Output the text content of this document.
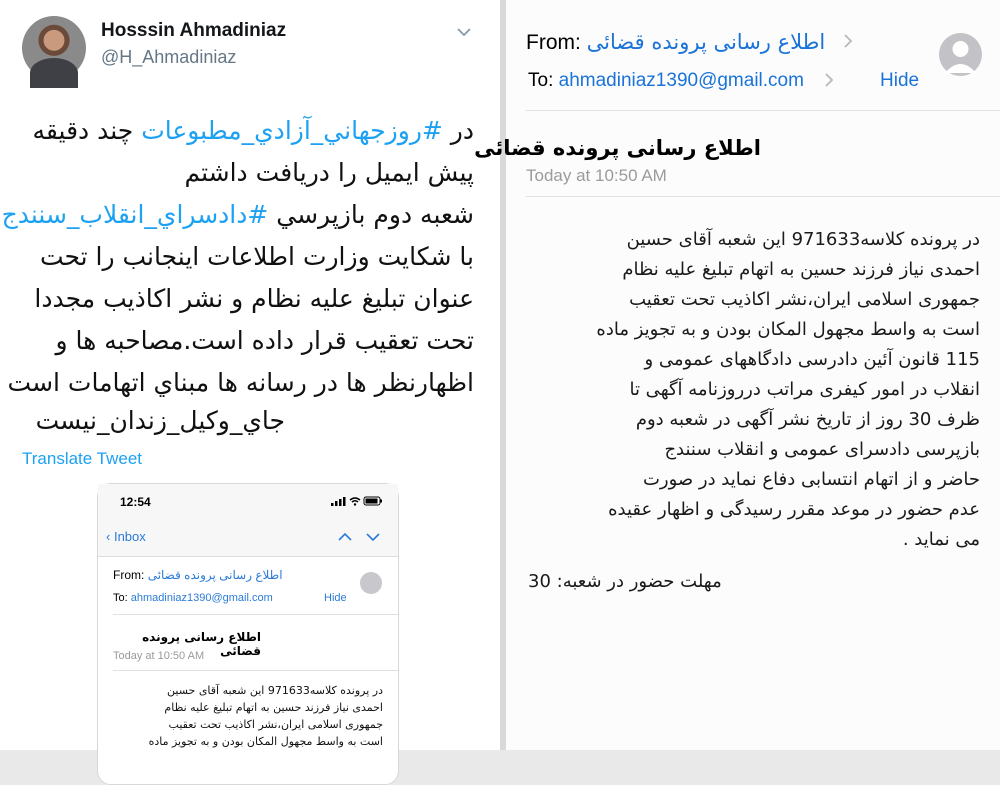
Hosssin Ahmadiniaz
@H_Ahmadiniaz
در #روزجهاني_آزادي_مطبوعات چند دقيقه
پيش ايميل را دريافت داشتم
شعبه دوم بازپرسي #دادسراي_انقلاب_سنندج
با شكايت وزارت اطلاعات اينجانب را تحت
عنوان تبليغ عليه نظام و نشر اكاذيب مجددا
تحت تعقيب قرار داده است.مصاحبه ها و
اظهارنظر ها در رسانه ها مبناي اتهامات است
جاي_وكيل_زندان_نيست
Translate Tweet
12:54
‹ Inbox
From: اطلاع رسانی پرونده قضائی
To: ahmadiniaz1390@gmail.com	Hide
اطلاع رسانی پرونده قضائی
Today at 10:50 AM
در پرونده کلاسه971633 این شعبه آقای حسین
احمدی نیاز فرزند حسین به اتهام تبلیغ علیه نظام
جمهوری اسلامی ایران،نشر اکاذیب تحت تعقیب
است به واسط مجهول المکان بودن و به تجویز ماده
From: اطلاع رسانی پرونده قضائی
To: ahmadiniaz1390@gmail.com	Hide
اطلاع رسانی پرونده قضائی
Today at 10:50 AM
در پرونده کلاسه971633 این شعبه آقای حسین
احمدی نیاز فرزند حسین به اتهام تبلیغ علیه نظام
جمهوری اسلامی ایران،نشر اکاذیب تحت تعقیب
است به واسط مجهول المکان بودن و به تجویز ماده
115 قانون آئین دادرسی دادگاههای عمومی و
انقلاب در امور کیفری مراتب درروزنامه آگهی تا
ظرف 30 روز از تاریخ نشر آگهی در شعبه دوم
بازپرسی دادسرای عمومی و انقلاب سنندج
حاضر و از اتهام انتسابی دفاع نماید در صورت
عدم حضور در موعد مقرر رسیدگی و اظهار عقیده
می نماید .
مهلت حضور در شعبه: 30
